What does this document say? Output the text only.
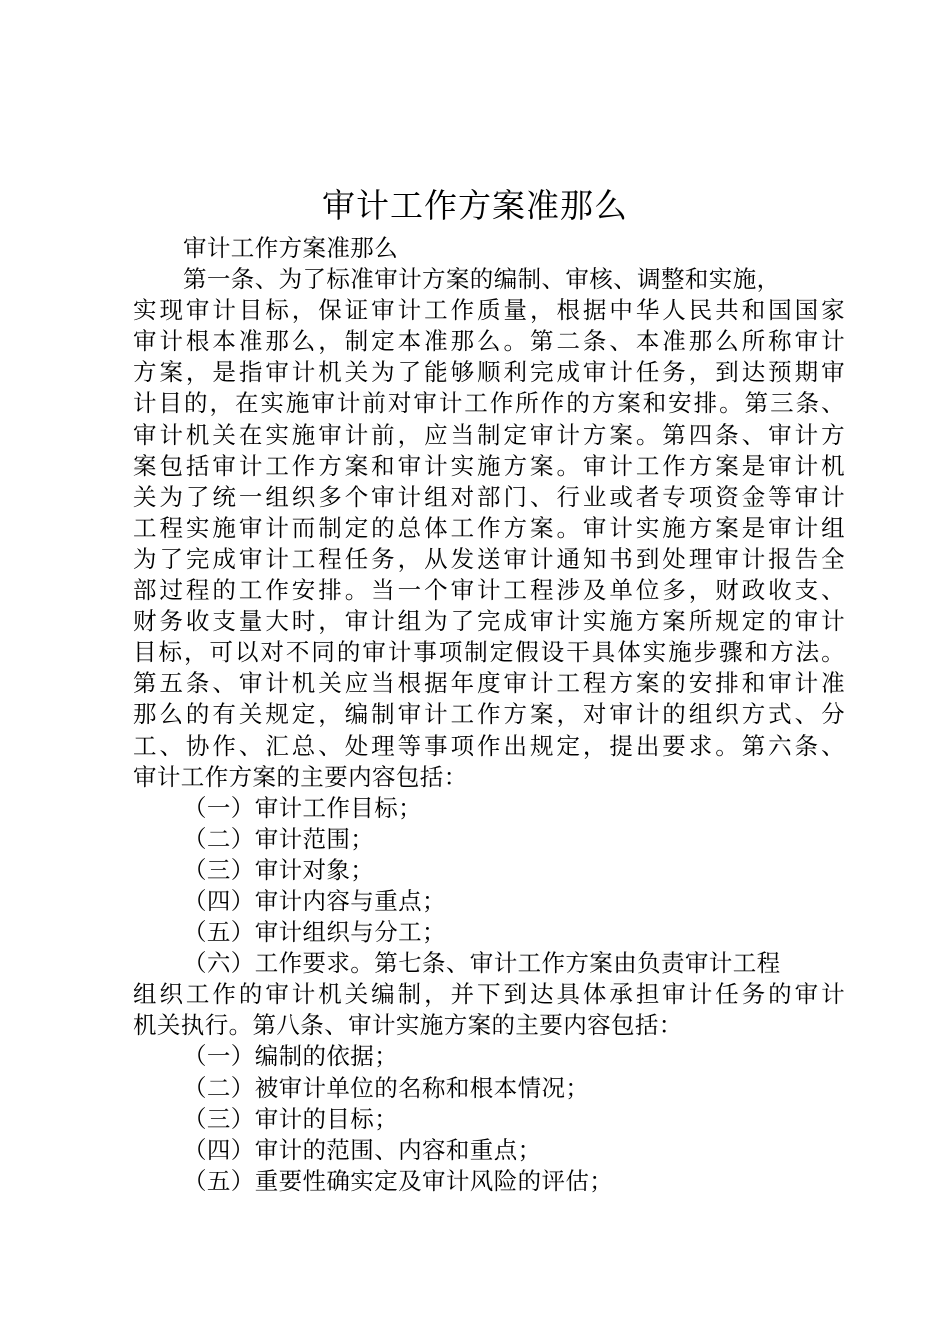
审计工作方案准那么

审计工作方案准那么

第一条、为了标准审计方案的编制、审核、调整和实施，

实现审计目标，保证审计工作质量，根据中华人民共和国国家

审计根本准那么，制定本准那么。第二条、本准那么所称审计

方案，是指审计机关为了能够顺利完成审计任务，到达预期审

计目的，在实施审计前对审计工作所作的方案和安排。第三条、

审计机关在实施审计前，应当制定审计方案。第四条、审计方

案包括审计工作方案和审计实施方案。审计工作方案是审计机

关为了统一组织多个审计组对部门、行业或者专项资金等审计

工程实施审计而制定的总体工作方案。审计实施方案是审计组

为了完成审计工程任务，从发送审计通知书到处理审计报告全

部过程的工作安排。当一个审计工程涉及单位多，财政收支、

财务收支量大时，审计组为了完成审计实施方案所规定的审计

目标，可以对不同的审计事项制定假设干具体实施步骤和方法。

第五条、审计机关应当根据年度审计工程方案的安排和审计准

那么的有关规定，编制审计工作方案，对审计的组织方式、分

工、协作、汇总、处理等事项作出规定，提出要求。第六条、

审计工作方案的主要内容包括：

（一）审计工作目标；

（二）审计范围；

（三）审计对象；

（四）审计内容与重点；

（五）审计组织与分工；

（六）工作要求。第七条、审计工作方案由负责审计工程

组织工作的审计机关编制，并下到达具体承担审计任务的审计

机关执行。第八条、审计实施方案的主要内容包括：

（一）编制的依据；

（二）被审计单位的名称和根本情况；

（三）审计的目标；

（四）审计的范围、内容和重点；

（五）重要性确实定及审计风险的评估；
